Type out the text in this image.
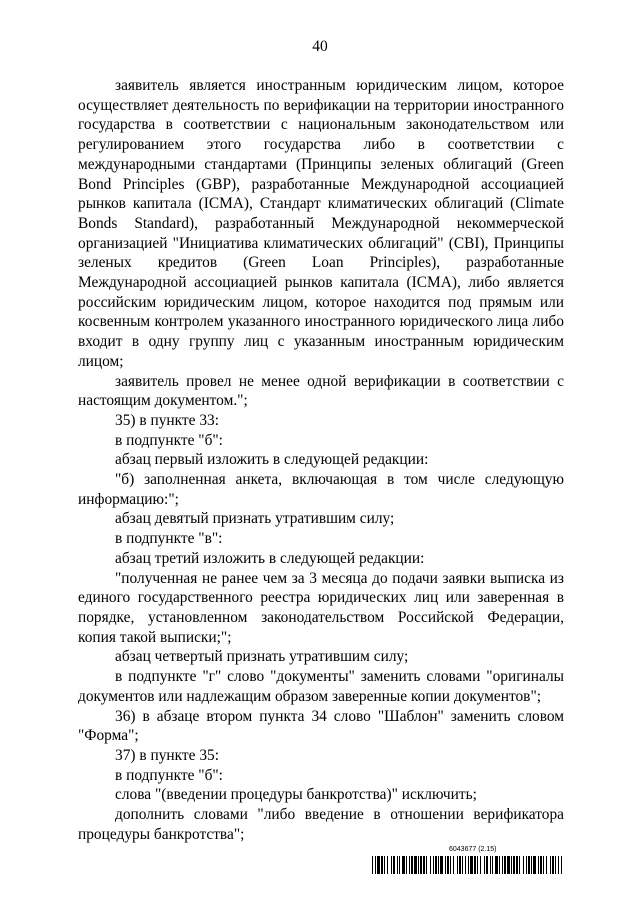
40

заявитель является иностранным юридическим лицом, которое осуществляет деятельность по верификации на территории иностранного государства в соответствии с национальным законодательством или регулированием этого государства либо в соответствии с международными стандартами (Принципы зеленых облигаций (Green Bond Principles (GBP), разработанные Международной ассоциацией рынков капитала (ICMA), Стандарт климатических облигаций (Climate Bonds Standard), разработанный Международной некоммерческой организацией "Инициатива климатических облигаций" (CBI), Принципы зеленых кредитов (Green Loan Principles), разработанные Международной ассоциацией рынков капитала (ICMA), либо является российским юридическим лицом, которое находится под прямым или косвенным контролем указанного иностранного юридического лица либо входит в одну группу лиц с указанным иностранным юридическим лицом;

заявитель провел не менее одной верификации в соответствии с настоящим документом.";

35) в пункте 33:

в подпункте "б":

абзац первый изложить в следующей редакции:

"б) заполненная анкета, включающая в том числе следующую информацию:";

абзац девятый признать утратившим силу;

в подпункте "в":

абзац третий изложить в следующей редакции:

"полученная не ранее чем за 3 месяца до подачи заявки выписка из единого государственного реестра юридических лиц или заверенная в порядке, установленном законодательством Российской Федерации, копия такой выписки;";

абзац четвертый признать утратившим силу;

в подпункте "г" слово "документы" заменить словами "оригиналы документов или надлежащим образом заверенные копии документов";

36) в абзаце втором пункта 34 слово "Шаблон" заменить словом "Форма";

37) в пункте 35:

в подпункте "б":

слова "(введении процедуры банкротства)" исключить;

дополнить словами "либо введение в отношении верификатора процедуры банкротства";

6043677 (2.15)
